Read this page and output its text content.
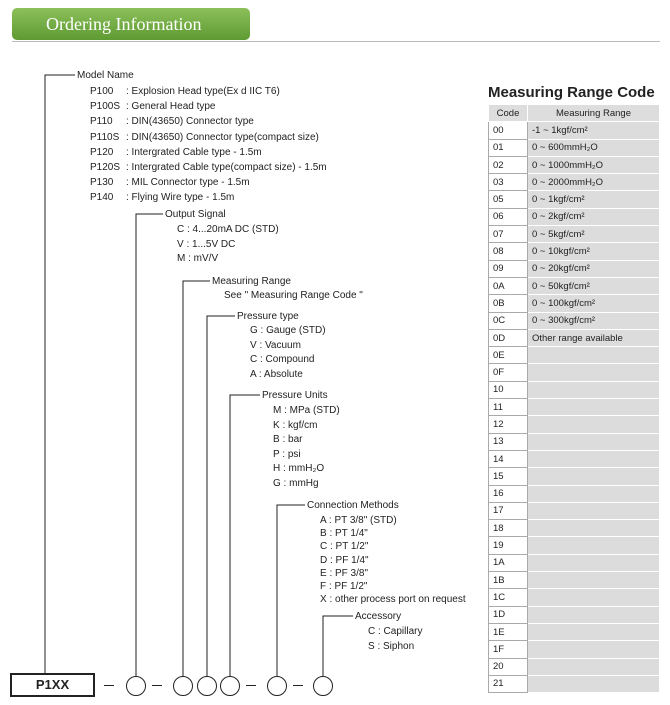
Ordering Information
Model Name
P100 : Explosion Head type(Ex d IIC T6)
P100S : General Head type
P110 : DIN(43650) Connector type
P110S : DIN(43650) Connector type(compact size)
P120 : Intergrated Cable type - 1.5m
P120S : Intergrated Cable type(compact size) - 1.5m
P130 : MIL Connector type - 1.5m
P140 : Flying Wire type - 1.5m
Output Signal
Measuring Range
Pressure type
Pressure Units
Connection Methods
Accessory
C : 4...20mA DC (STD)
V : 1...5V DC
M : mV/V
See " Measuring Range Code "
G : Gauge (STD)
V : Vacuum
C : Compound
A : Absolute
M : MPa (STD)
K : kgf/cm
B : bar
P : psi
H : mmH₂O
G : mmHg
A : PT 3/8" (STD)
B : PT 1/4"
C : PT 1/2"
D : PF 1/4"
E : PF 3/8"
F : PF 1/2"
X : other process port on request
C : Capillary
S : Siphon
P1XX
Measuring Range Code
Code	Measuring Range
00	-1 ~ 1kgf/cm²
01	0 ~ 600mmH₂O
02	0 ~ 1000mmH₂O
03	0 ~ 2000mmH₂O
05	0 ~ 1kgf/cm²
06	0 ~ 2kgf/cm²
07	0 ~ 5kgf/cm²
08	0 ~ 10kgf/cm²
09	0 ~ 20kgf/cm²
0A	0 ~ 50kgf/cm²
0B	0 ~ 100kgf/cm²
0C	0 ~ 300kgf/cm²
0D	Other range available
0E	
0F	
10	
11	
12	
13	
14	
15	
16	
17	
18	
19	
1A	
1B	
1C	
1D	
1E	
1F	
20	
21	
